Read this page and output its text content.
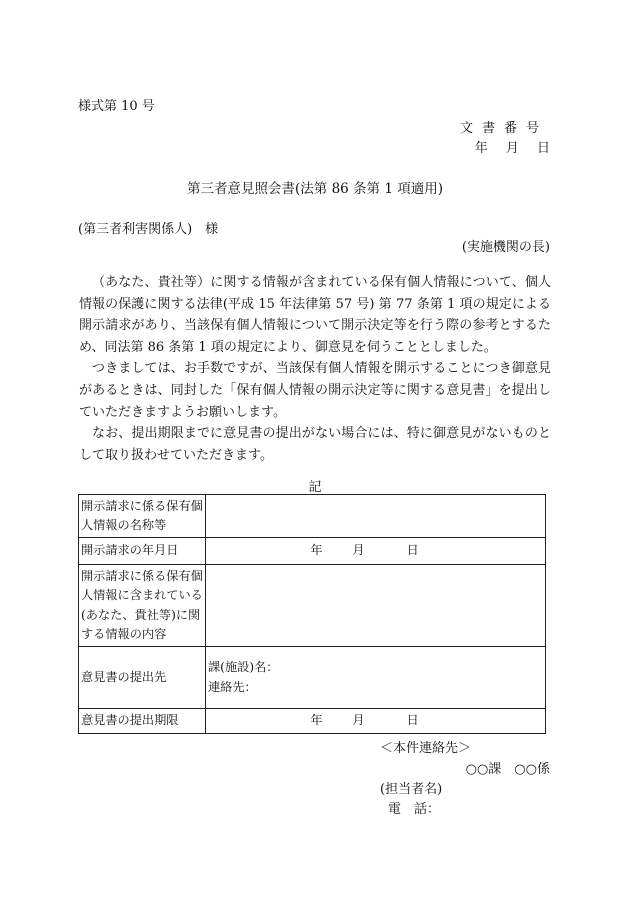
様式第 10 号
文書番号
年 月 日
第三者意見照会書(法第 86 条第 1 項適用)
(第三者利害関係人)　様
(実施機関の長)

（あなた、貴社等）に関する情報が含まれている保有個人情報について、個人情報の保護に関する法律(平成 15 年法律第 57 号) 第 77 条第 1 項の規定による開示請求があり、当該保有個人情報について開示決定等を行う際の参考とするため、同法第 86 条第 1 項の規定により、御意見を伺うこととしました。

つきましては、お手数ですが、当該保有個人情報を開示することにつき御意見があるときは、同封した「保有個人情報の開示決定等に関する意見書」を提出していただきますようお願いします。

なお、提出期限までに意見書の提出がない場合には、特に御意見がないものとして取り扱わせていただきます。

記
開示請求に係る保有個人情報の名称等	
開示請求の年月日	年 月 日
開示請求に係る保有個人情報に含まれている(あなた、貴社等)に関する情報の内容	
意見書の提出先	課(施設)名：
連絡先：

意見書の提出期限	年 月 日
＜本件連絡先＞
○○課　○○係
(担当者名)
電　話：
